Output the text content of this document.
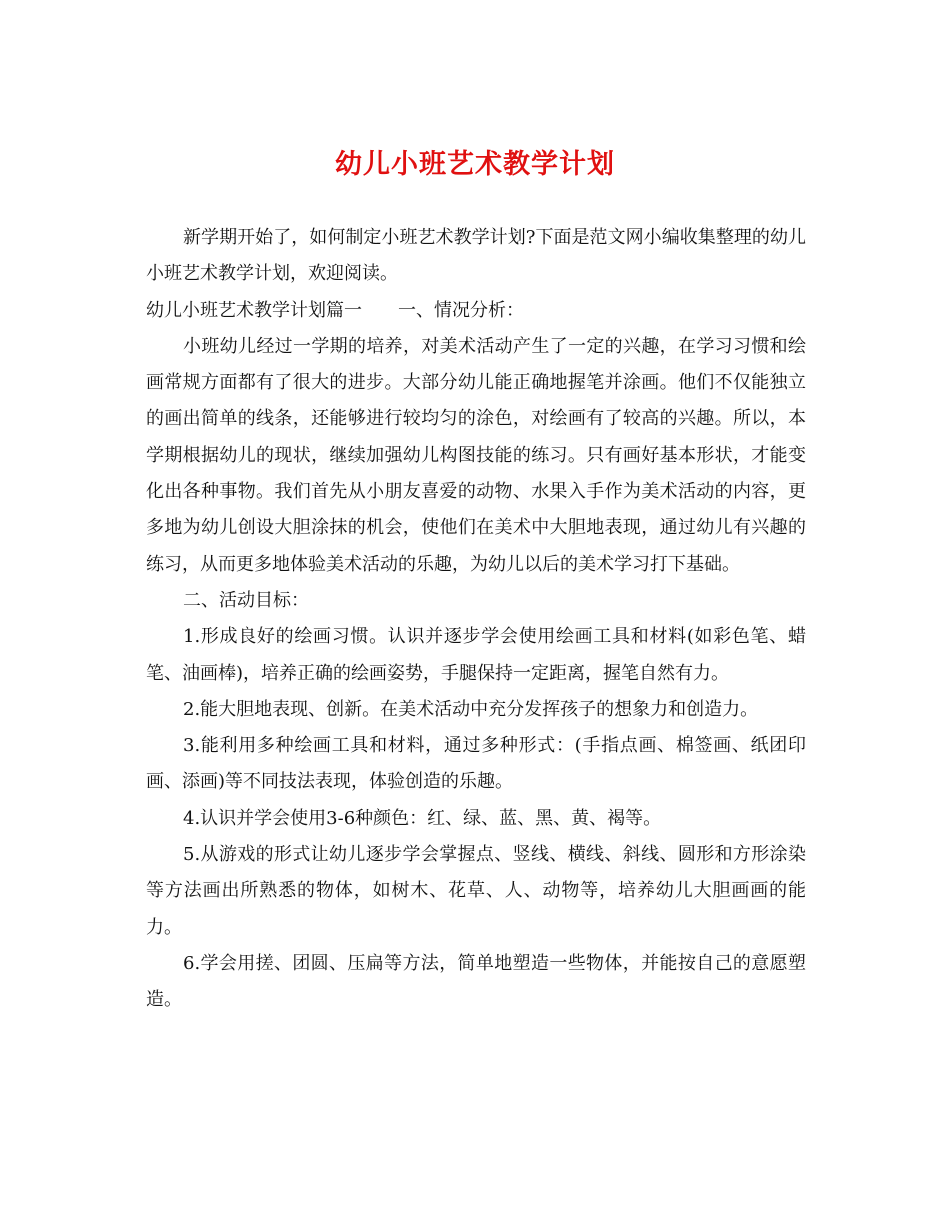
幼儿小班艺术教学计划

新学期开始了，如何制定小班艺术教学计划?下面是范文网小编收集整理的幼儿小班艺术教学计划，欢迎阅读。

幼儿小班艺术教学计划篇一　　一、情况分析：

小班幼儿经过一学期的培养，对美术活动产生了一定的兴趣，在学习习惯和绘画常规方面都有了很大的进步。大部分幼儿能正确地握笔并涂画。他们不仅能独立的画出简单的线条，还能够进行较均匀的涂色，对绘画有了较高的兴趣。所以，本学期根据幼儿的现状，继续加强幼儿构图技能的练习。只有画好基本形状，才能变化出各种事物。我们首先从小朋友喜爱的动物、水果入手作为美术活动的内容，更多地为幼儿创设大胆涂抹的机会，使他们在美术中大胆地表现，通过幼儿有兴趣的练习，从而更多地体验美术活动的乐趣，为幼儿以后的美术学习打下基础。

二、活动目标：

1.形成良好的绘画习惯。认识并逐步学会使用绘画工具和材料(如彩色笔、蜡笔、油画棒)，培养正确的绘画姿势，手腿保持一定距离，握笔自然有力。

2.能大胆地表现、创新。在美术活动中充分发挥孩子的想象力和创造力。

3.能利用多种绘画工具和材料，通过多种形式：(手指点画、棉签画、纸团印画、添画)等不同技法表现，体验创造的乐趣。

4.认识并学会使用3-6种颜色：红、绿、蓝、黑、黄、褐等。

5.从游戏的形式让幼儿逐步学会掌握点、竖线、横线、斜线、圆形和方形涂染等方法画出所熟悉的物体，如树木、花草、人、动物等，培养幼儿大胆画画的能力。

6.学会用搓、团圆、压扁等方法，简单地塑造一些物体，并能按自己的意愿塑造。
